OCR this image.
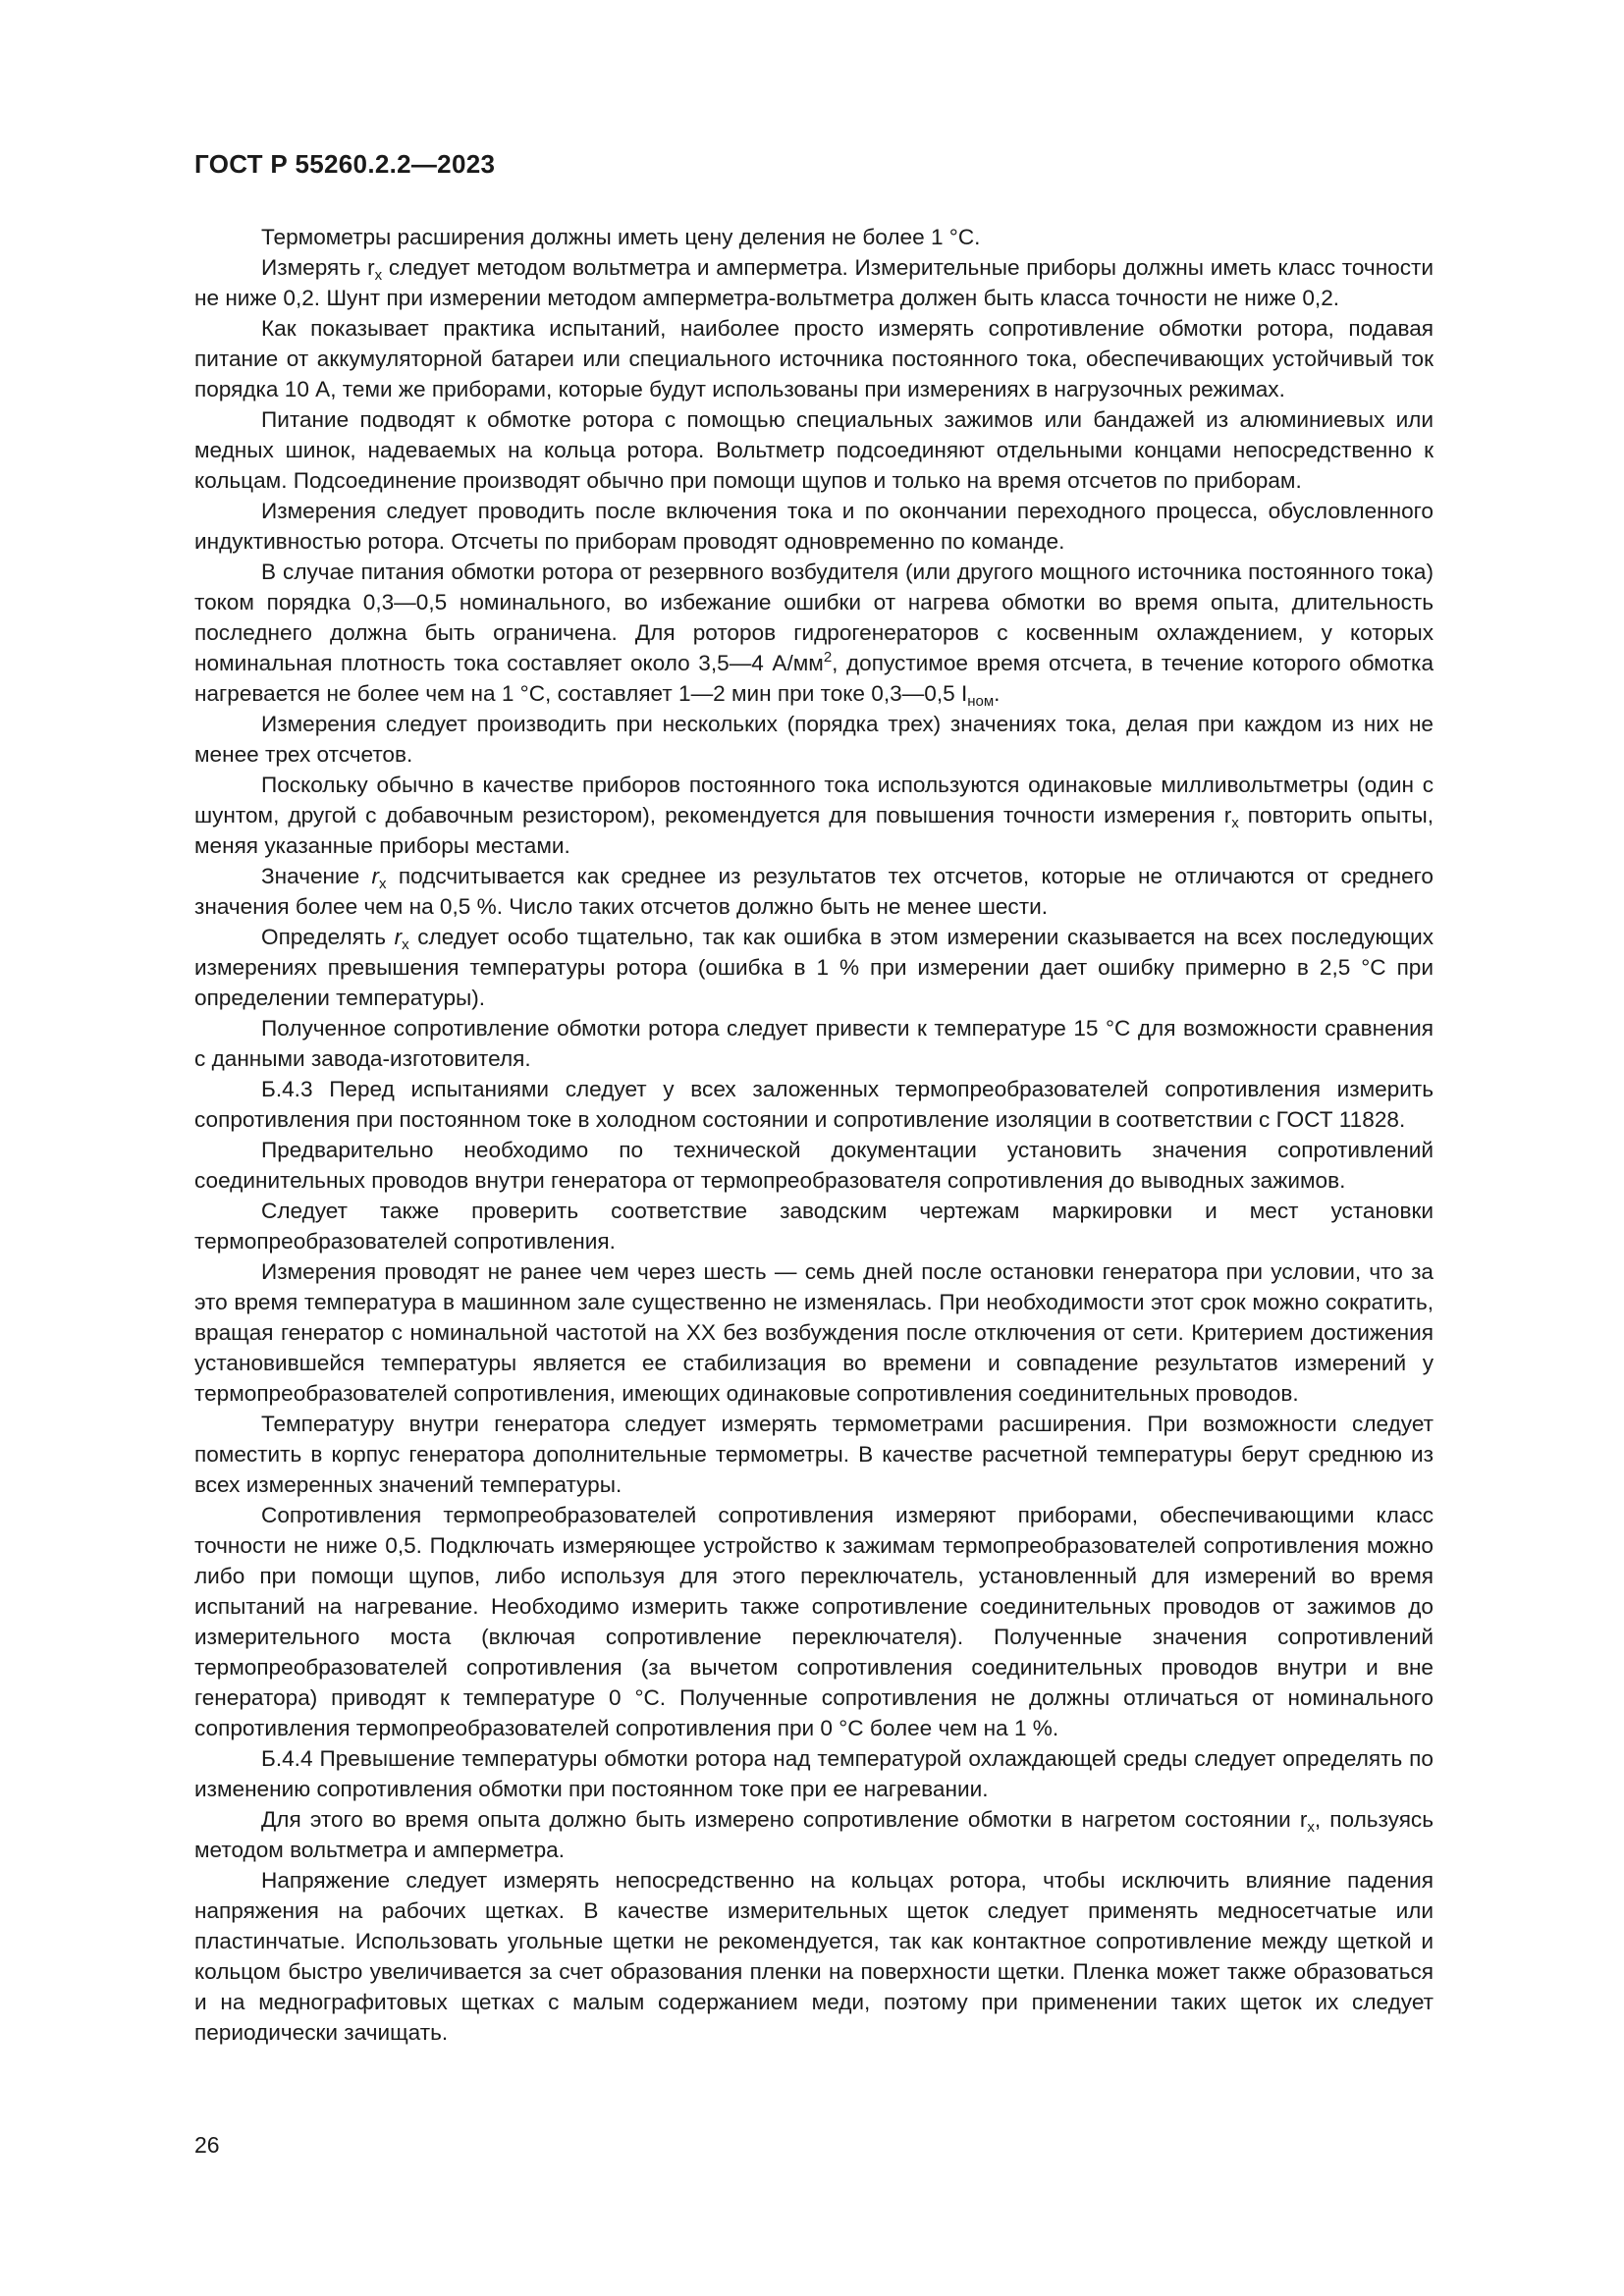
ГОСТ Р 55260.2.2—2023

Термометры расширения должны иметь цену деления не более 1 °С.

Измерять $r_x$ следует методом вольтметра и амперметра. Измерительные приборы должны иметь класс точности не ниже 0,2. Шунт при измерении методом амперметра-вольтметра должен быть класса точности не ниже 0,2.

Как показывает практика испытаний, наиболее просто измерять сопротивление обмотки ротора, подавая питание от аккумуляторной батареи или специального источника постоянного тока, обеспечивающих устойчивый ток порядка 10 А, теми же приборами, которые будут использованы при измерениях в нагрузочных режимах.

Питание подводят к обмотке ротора с помощью специальных зажимов или бандажей из алюминиевых или медных шинок, надеваемых на кольца ротора. Вольтметр подсоединяют отдельными концами непосредственно к кольцам. Подсоединение производят обычно при помощи щупов и только на время отсчетов по приборам.

Измерения следует проводить после включения тока и по окончании переходного процесса, обусловленного индуктивностью ротора. Отсчеты по приборам проводят одновременно по команде.

В случае питания обмотки ротора от резервного возбудителя (или другого мощного источника постоянного тока) током порядка 0,3—0,5 номинального, во избежание ошибки от нагрева обмотки во время опыта, длительность последнего должна быть ограничена. Для роторов гидрогенераторов с косвенным охлаждением, у которых номинальная плотность тока составляет около 3,5—4 $А/мм^2$, допустимое время отсчета, в течение которого обмотка нагревается не более чем на 1 °С, составляет 1—2 мин при токе 0,3—0,5 $I_{ном}$.

Измерения следует производить при нескольких (порядка трех) значениях тока, делая при каждом из них не менее трех отсчетов.

Поскольку обычно в качестве приборов постоянного тока используются одинаковые милливольтметры (один с шунтом, другой с добавочным резистором), рекомендуется для повышения точности измерения $r_x$ повторить опыты, меняя указанные приборы местами.

Значение $r_x$ подсчитывается как среднее из результатов тех отсчетов, которые не отличаются от среднего значения более чем на 0,5 %. Число таких отсчетов должно быть не менее шести.

Определять $r_x$ следует особо тщательно, так как ошибка в этом измерении сказывается на всех последующих измерениях превышения температуры ротора (ошибка в 1 % при измерении дает ошибку примерно в 2,5 °С при определении температуры).

Полученное сопротивление обмотки ротора следует привести к температуре 15 °С для возможности сравнения с данными завода-изготовителя.

Б.4.3 Перед испытаниями следует у всех заложенных термопреобразователей сопротивления измерить сопротивления при постоянном токе в холодном состоянии и сопротивление изоляции в соответствии с ГОСТ 11828.

Предварительно необходимо по технической документации установить значения сопротивлений соединительных проводов внутри генератора от термопреобразователя сопротивления до выводных зажимов.

Следует также проверить соответствие заводским чертежам маркировки и мест установки термопреобразователей сопротивления.

Измерения проводят не ранее чем через шесть — семь дней после остановки генератора при условии, что за это время температура в машинном зале существенно не изменялась. При необходимости этот срок можно сократить, вращая генератор с номинальной частотой на XX без возбуждения после отключения от сети. Критерием достижения установившейся температуры является ее стабилизация во времени и совпадение результатов измерений у термопреобразователей сопротивления, имеющих одинаковые сопротивления соединительных проводов.

Температуру внутри генератора следует измерять термометрами расширения. При возможности следует поместить в корпус генератора дополнительные термометры. В качестве расчетной температуры берут среднюю из всех измеренных значений температуры.

Сопротивления термопреобразователей сопротивления измеряют приборами, обеспечивающими класс точности не ниже 0,5. Подключать измеряющее устройство к зажимам термопреобразователей сопротивления можно либо при помощи щупов, либо используя для этого переключатель, установленный для измерений во время испытаний на нагревание. Необходимо измерить также сопротивление соединительных проводов от зажимов до измерительного моста (включая сопротивление переключателя). Полученные значения сопротивлений термопреобразователей сопротивления (за вычетом сопротивления соединительных проводов внутри и вне генератора) приводят к температуре 0 °С. Полученные сопротивления не должны отличаться от номинального сопротивления термопреобразователей сопротивления при 0 °С более чем на 1 %.

Б.4.4 Превышение температуры обмотки ротора над температурой охлаждающей среды следует определять по изменению сопротивления обмотки при постоянном токе при ее нагревании.

Для этого во время опыта должно быть измерено сопротивление обмотки в нагретом состоянии $r_x$, пользуясь методом вольтметра и амперметра.

Напряжение следует измерять непосредственно на кольцах ротора, чтобы исключить влияние падения напряжения на рабочих щетках. В качестве измерительных щеток следует применять медносетчатые или пластинчатые. Использовать угольные щетки не рекомендуется, так как контактное сопротивление между щеткой и кольцом быстро увеличивается за счет образования пленки на поверхности щетки. Пленка может также образоваться и на меднографитовых щетках с малым содержанием меди, поэтому при применении таких щеток их следует периодически зачищать.

26
